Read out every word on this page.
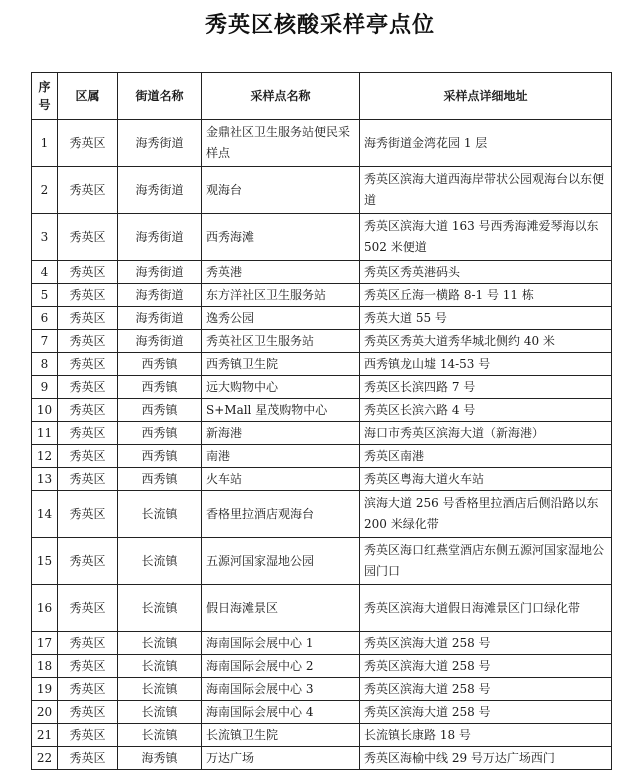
秀英区核酸采样亭点位
序号	区属	街道名称	采样点名称	采样点详细地址
1	秀英区	海秀街道	金鼎社区卫生服务站便民采样点	海秀街道金湾花园 1 层
2	秀英区	海秀街道	观海台	秀英区滨海大道西海岸带状公园观海台以东便道
3	秀英区	海秀街道	西秀海滩	秀英区滨海大道 163 号西秀海滩爱琴海以东 502 米便道
4	秀英区	海秀街道	秀英港	秀英区秀英港码头
5	秀英区	海秀街道	东方洋社区卫生服务站	秀英区丘海一横路 8-1 号 11 栋
6	秀英区	海秀街道	逸秀公园	秀英大道 55 号
7	秀英区	海秀街道	秀英社区卫生服务站	秀英区秀英大道秀华城北侧约 40 米
8	秀英区	西秀镇	西秀镇卫生院	西秀镇龙山墟 14-53 号
9	秀英区	西秀镇	远大购物中心	秀英区长滨四路 7 号
10	秀英区	西秀镇	S+Mall 星茂购物中心	秀英区长滨六路 4 号
11	秀英区	西秀镇	新海港	海口市秀英区滨海大道（新海港）
12	秀英区	西秀镇	南港	秀英区南港
13	秀英区	西秀镇	火车站	秀英区粤海大道火车站
14	秀英区	长流镇	香格里拉酒店观海台	滨海大道 256 号香格里拉酒店后侧沿路以东 200 米绿化带
15	秀英区	长流镇	五源河国家湿地公园	秀英区海口红燕堂酒店东侧五源河国家湿地公园门口
16	秀英区	长流镇	假日海滩景区	秀英区滨海大道假日海滩景区门口绿化带
17	秀英区	长流镇	海南国际会展中心 1	秀英区滨海大道 258 号
18	秀英区	长流镇	海南国际会展中心 2	秀英区滨海大道 258 号
19	秀英区	长流镇	海南国际会展中心 3	秀英区滨海大道 258 号
20	秀英区	长流镇	海南国际会展中心 4	秀英区滨海大道 258 号
21	秀英区	长流镇	长流镇卫生院	长流镇长康路 18 号
22	秀英区	海秀镇	万达广场	秀英区海榆中线 29 号万达广场西门
